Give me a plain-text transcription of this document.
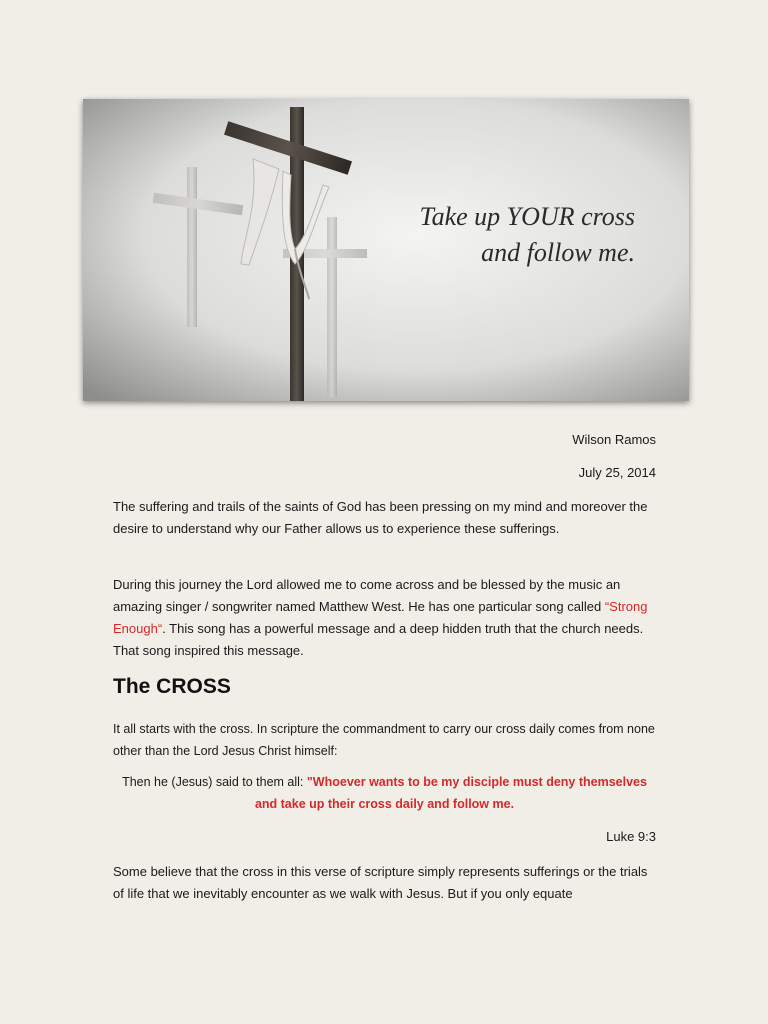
Take up YOUR cross
and follow me.
Wilson Ramos
July 25, 2014
The suffering and trails of the saints of God has been pressing on my mind and moreover the desire to understand why our Father allows us to experience these sufferings.
During this journey the Lord allowed me to come across and be blessed by the music an amazing singer / songwriter named Matthew West. He has one particular song called “Strong Enough“. This song has a powerful message and a deep hidden truth that the church needs. That song inspired this message.
The CROSS
It all starts with the cross. In scripture the commandment to carry our cross daily comes from none other than the Lord Jesus Christ himself:
Then he (Jesus) said to them all: "Whoever wants to be my disciple must deny themselves and take up their cross daily and follow me.
Luke 9:3
Some believe that the cross in this verse of scripture simply represents sufferings or the trials of life that we inevitably encounter as we walk with Jesus. But if you only equate
